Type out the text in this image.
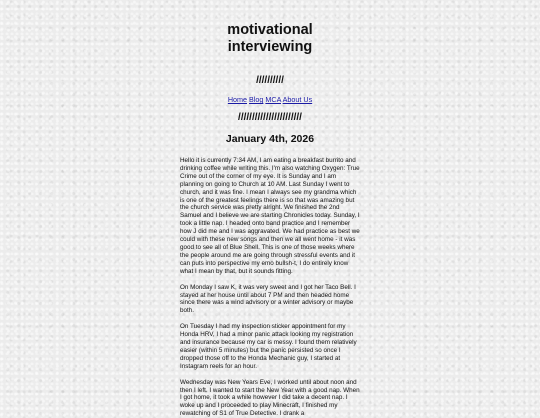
motivational
interviewing
//////////
Home Blog MCA About Us
///////////////////////
January 4th, 2026

Hello it is currently 7:34 AM, I am eating a breakfast burrito and drinking coffee while writing this. I'm also watching Oxygen: True Crime out of the corner of my eye. It is Sunday and I am planning on going to Church at 10 AM. Last Sunday I went to church, and it was fine. I mean I always see my grandma which is one of the greatest feelings there is so that was amazing but the church service was pretty alright. We finished the 2nd Samuel and I believe we are starting Chronicles today. Sunday, I took a little nap. I headed onto band practice and I remember how J did me and I was aggravated. We had practice as best we could with these new songs and then we all went home - it was good to see all of Blue Shell. This is one of those weeks where the people around me are going through stressful events and it can puts into perspective my emo bullsh-t, I do entirely know what I mean by that, but it sounds fitting.

On Monday I saw K, it was very sweet and I got her Taco Bell. I stayed at her house until about 7 PM and then headed home since there was a wind advisory or a winter advisory or maybe both.

On Tuesday I had my inspection sticker appointment for my Honda HRV, I had a minor panic attack looking my registration and insurance because my car is messy. I found them relatively easier (within 5 minutes) but the panic persisted so once I dropped those off to the Honda Mechanic guy, I started at Instagram reels for an hour.

Wednesday was New Years Eve, I worked until about noon and then I left. I wanted to start the New Year with a good nap. When I got home, it took a while however I did take a decent nap. I woke up and I proceeded to play Minecraft, I finished my rewatching of S1 of True Detective. I drank a
